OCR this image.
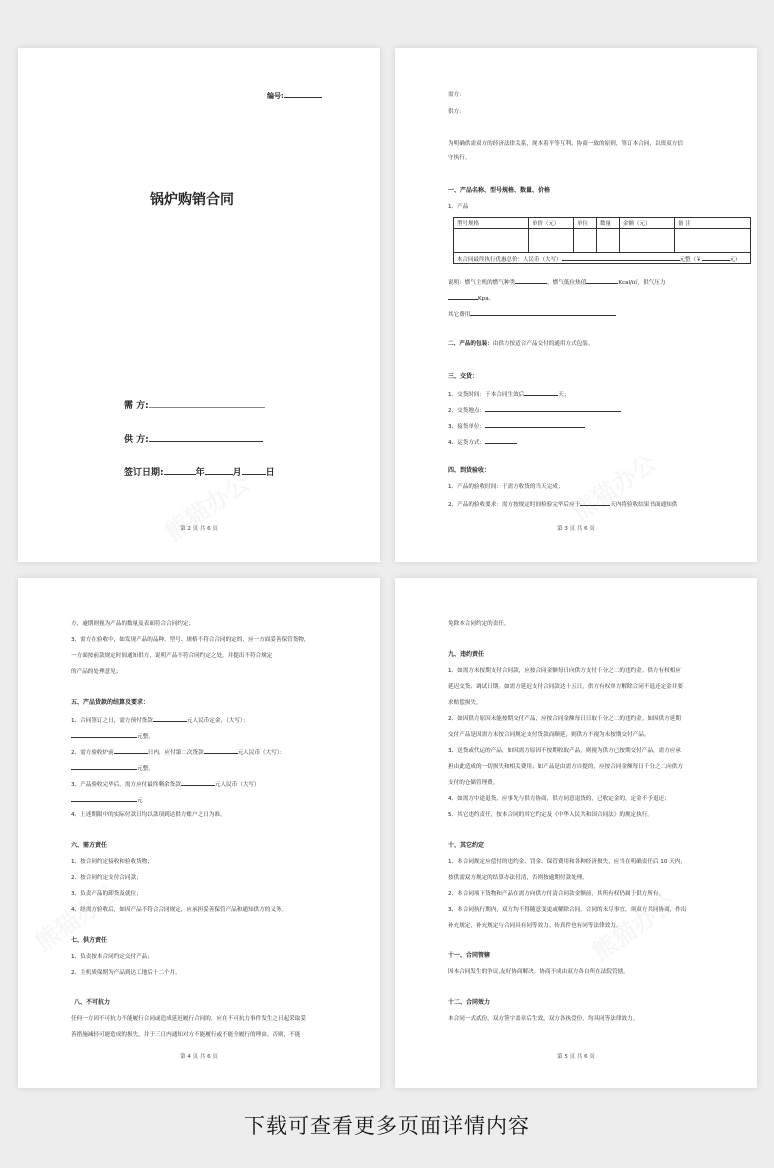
编号:
锅炉购销合同
需 方:
供 方:
签订日期:	年	月	日
第 2 页 共 6 页
需方:
供方:
为明确供需双方的经济法律关系，现本着平等互利、协商一致的原则，签订本合同，以资双方信
守执行。
一、产品名称、型号规格、数量、价格
1、产品
型号规格	单价（元）	单位	数量	金额（元）	备 注

本合同最终执行优惠总价：人民币（大写） 元整（￥ 元）					
说明：燃气主机的燃气种类	，燃气低位热值	Kcal/㎡，供气压力
Kpa。
其它费用
二、产品的包装：由供方按适合产品交付的通用方式包装。
三、交货：
1、交货时间：于本合同生效后	天；
2、交货地点：
3、接货单位：
4、运货方式：
四、到货验收：
1、产品的验收时间：于需方收货的当天完成；
2、产品的验收要求：需方按规定时间检验完毕后应于	天内将验收结果书面通知供
第 3 页 共 6 页
方，逾期则视为产品的数量及表面符合合同约定；
3、需方在验收中，如发现产品的品种、型号、规格不符合合同的定的，应一方面妥善保管货物，
一方面按前款规定时间通知供方，说明产品不符合同约定之处，并提出不符合规定
的产品的处理意见；
五、产品货款的结算及要求：
1、合同签订之日，需方预付货款	元人民币定金，（大写）：
元整。
2、需方验收炉前	日内，应付第二次货款	元人民币（大写）：
元整。
3、产品验收完毕后，需方应付最终剩余货款	元人民币（大写）
元
4、上述期限中的实际付款日均以款项到达供方账户之日为准。
六、需方责任
1、按合同约定接收和验收货物；
2、按合同约定支付合同款；
3、负责产品的卸货及就位；
4、经需方验收后，如因产品不符合合同规定，应承担妥善保管产品和通知供方的义务。
七、供方责任
1、负责按本合同约定交付产品；
2、主机质保期为产品到达工地后十二个月。
八、不可抗力
任何一方因不可抗力不能履行合同或造成延迟履行合同的，应在不可抗力事件发生之日起采取妥
善措施减轻可能造成的损失，并于三日内通知对方不能履行或不能全履行的理由。否则，不能
第 4 页 共 6 页
免除本合同约定的责任。
九、违约责任
1、如需方未按期支付合同款，应按合同金额每日向供方支付千分之二的违约金。供方有权相应
延迟交货、调试日期。如需方延迟支付合同款达十五日，供方有权单方解除合同不退还定金并要
求赔偿损失。
2、如因供方原因未能按期交付产品，应按合同金额每日日取千分之二的违约金。如因供方延期
交付产品是因需方未按合同规定支付货款而顺延，则供方不视为未按期交付产品。
3、送货或代运的产品，如因需方原因不按期收取产品，则视为供方已按期交付产品，需方应承
担由此造成的一切损失和相关费用；如产品是由需方自提的，应按合同金额每日千分之二向供方
支付的仓储管理费。
4、如需方中途退货，应事先与供方协商，供方同意退货的，已收定金的，定金不予退还；
5、其它违约责任，按本合同的其它约定及《中华人民共和国合同法》的规定执行。
十、其它约定
1、本合同规定应偿付的违约金、罚金、保管费用和各种经济损失，应当在明确责任后 10 天内，
按供需双方规定的结算办法付清，否则按逾期付款处理。
2、本合同项下货物和产品在需方向供方付清合同款金额前，其所有权仍属于供方所有。
3、本合同执行期内，双方均不得随意变更或解除合同。合同的未尽事宜，须双方共同协商，作出
补充规定，补充规定与合同具有同等效力。传真件也有同等法律效力。
十一、合同管辖
因本合同发生的争议,友好协商解决。协商不成由双方各自所在法院管辖。
十二、合同效力
本合同一式贰份，双方签字盖章后生效，双方各执壹份，均具同等法律效力。
第 5 页 共 6 页
下载可查看更多页面详情内容
